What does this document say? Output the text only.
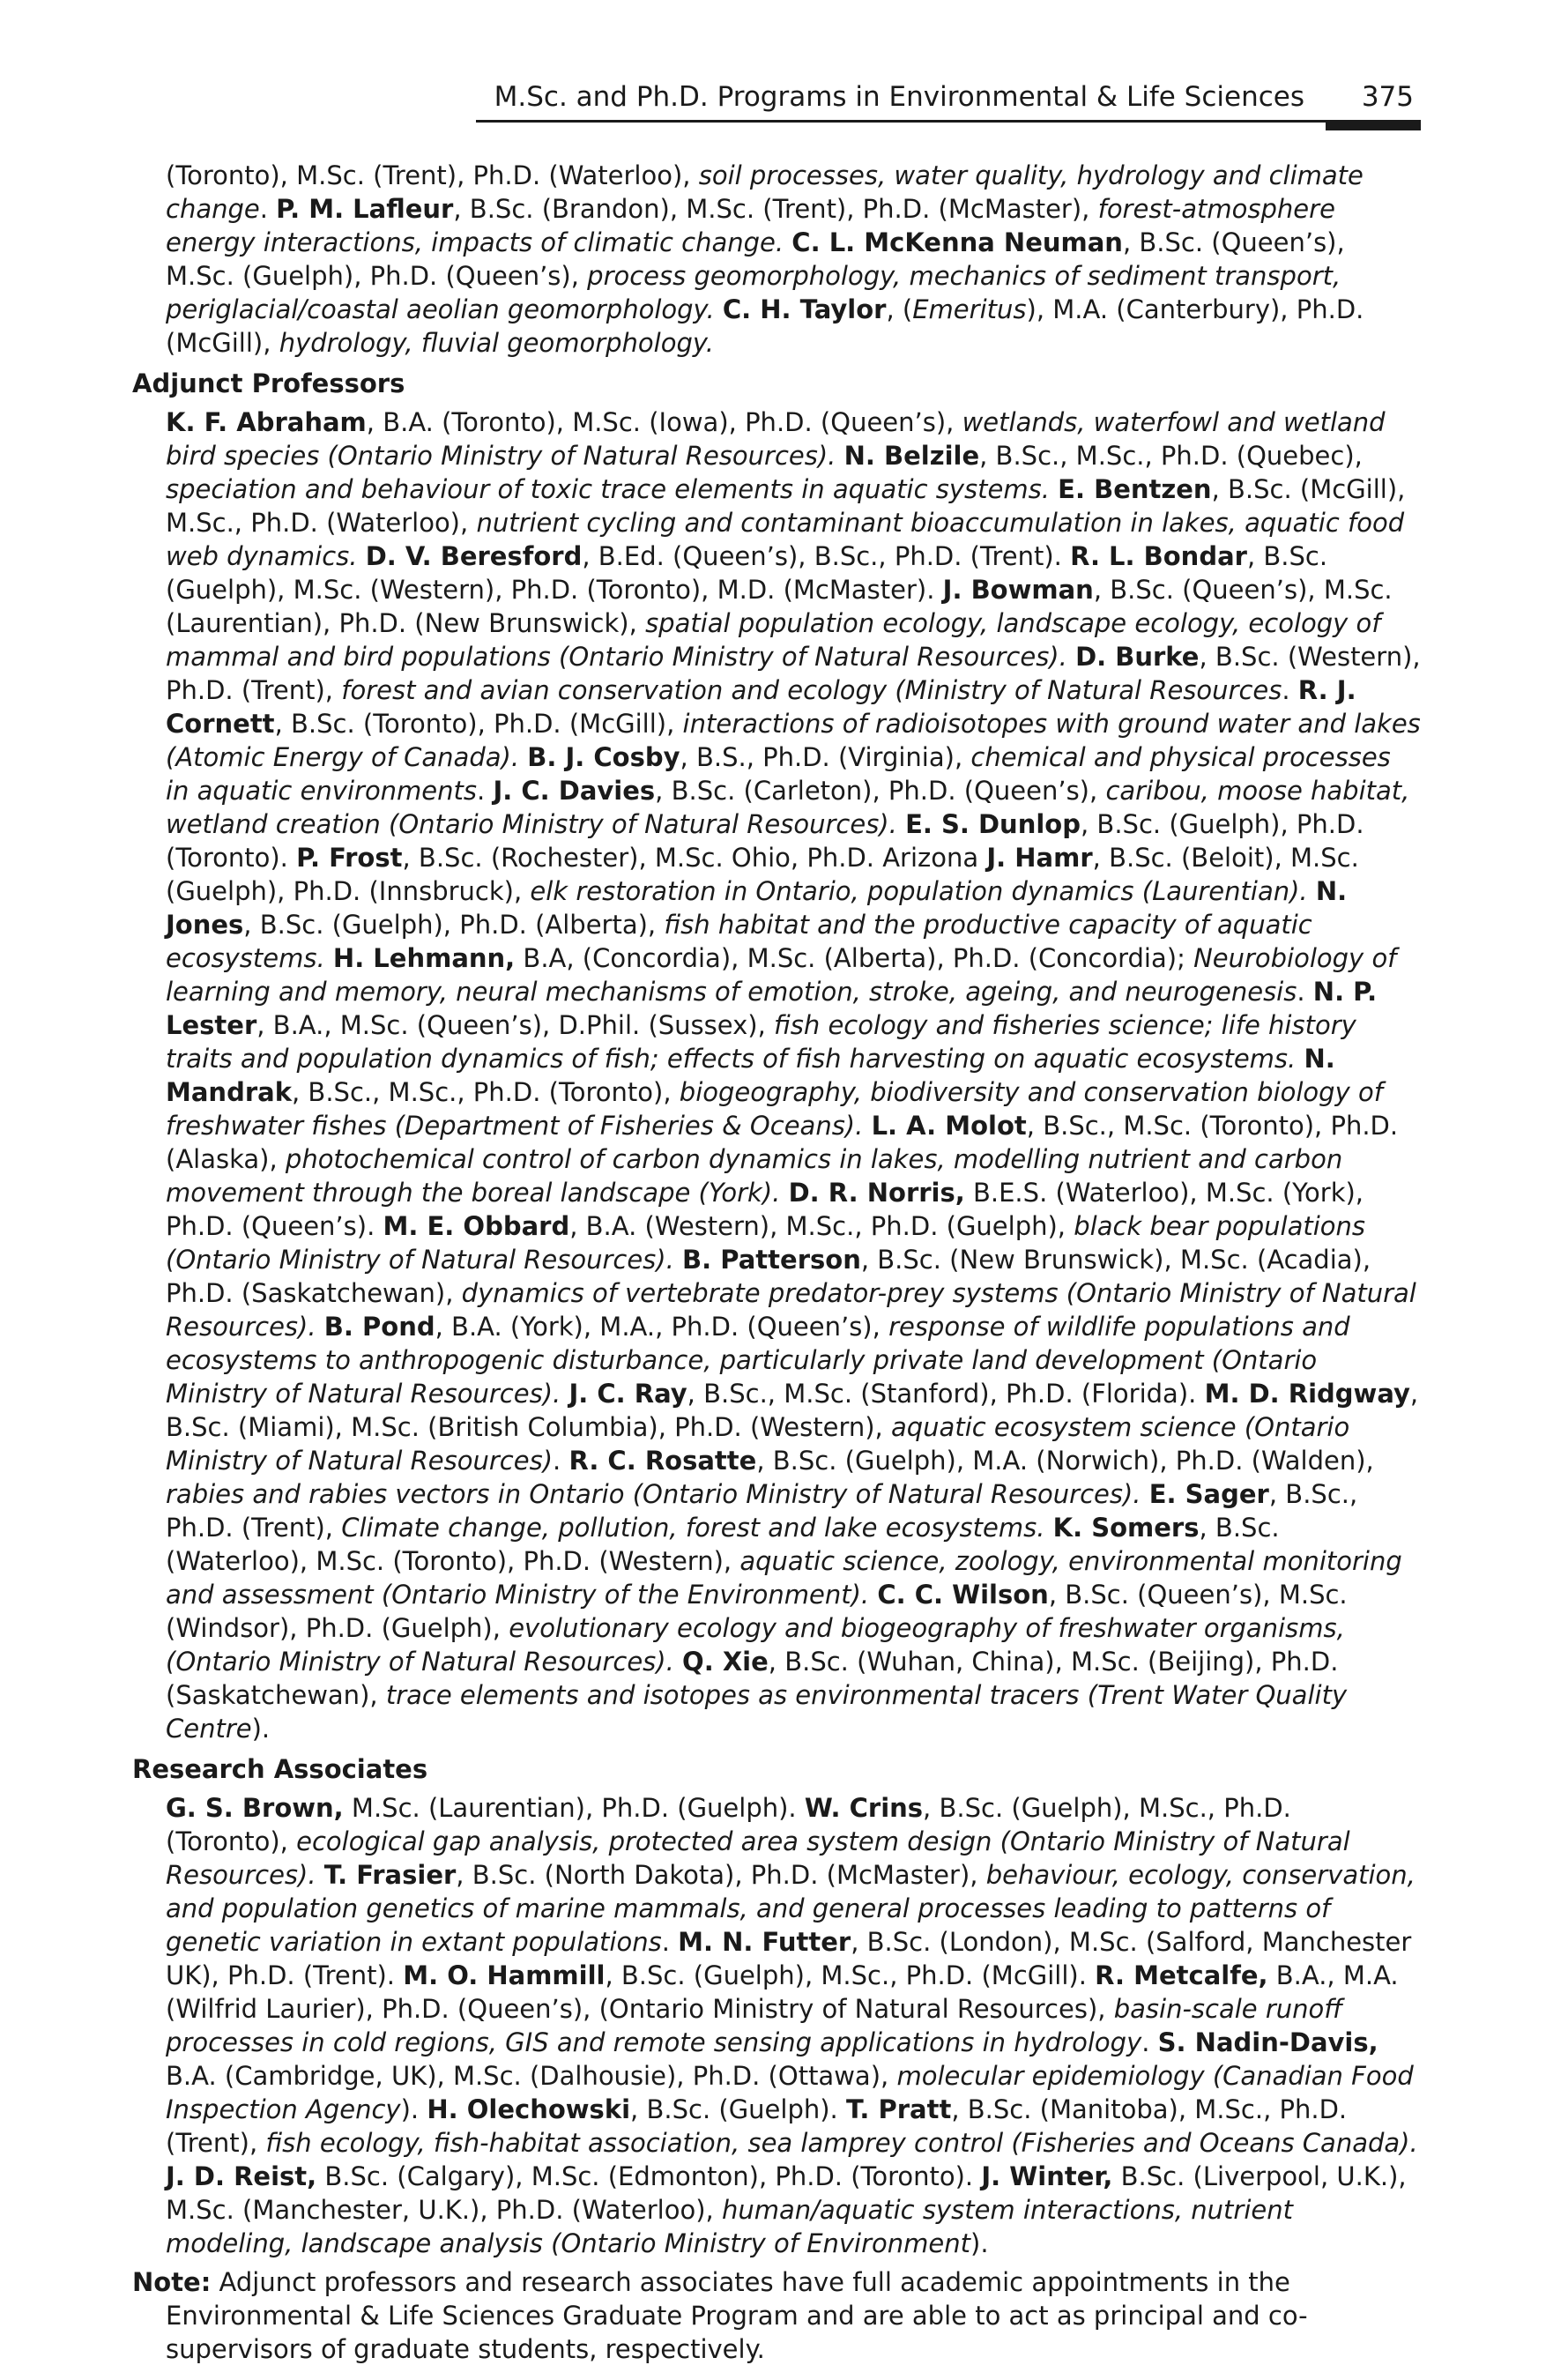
M.Sc. and Ph.D. Programs in Environmental & Life Sciences 375

(Toronto), M.Sc. (Trent), Ph.D. (Waterloo), soil processes, water quality, hydrology and climate change. P. M. Lafleur, B.Sc. (Brandon), M.Sc. (Trent), Ph.D. (McMaster), forest-atmosphere energy interactions, impacts of climatic change. C. L. McKenna Neuman, B.Sc. (Queen’s), M.Sc. (Guelph), Ph.D. (Queen’s), process geomorphology, mechanics of sediment transport, periglacial/coastal aeolian geomorphology. C. H. Taylor, (Emeritus), M.A. (Canterbury), Ph.D. (McGill), hydrology, fluvial geomorphology.

Adjunct Professors

K. F. Abraham, B.A. (Toronto), M.Sc. (Iowa), Ph.D. (Queen’s), wetlands, waterfowl and wetland bird species (Ontario Ministry of Natural Resources). N. Belzile, B.Sc., M.Sc., Ph.D. (Quebec), speciation and behaviour of toxic trace elements in aquatic systems. E. Bentzen, B.Sc. (McGill), M.Sc., Ph.D. (Waterloo), nutrient cycling and contaminant bioaccumulation in lakes, aquatic food web dynamics. D. V. Beresford, B.Ed. (Queen’s), B.Sc., Ph.D. (Trent). R. L. Bondar, B.Sc. (Guelph), M.Sc. (Western), Ph.D. (Toronto), M.D. (McMaster). J. Bowman, B.Sc. (Queen’s), M.Sc. (Laurentian), Ph.D. (New Brunswick), spatial population ecology, landscape ecology, ecology of mammal and bird populations (Ontario Ministry of Natural Resources). D. Burke, B.Sc. (Western), Ph.D. (Trent), forest and avian conservation and ecology (Ministry of Natural Resources. R. J. Cornett, B.Sc. (Toronto), Ph.D. (McGill), interactions of radioisotopes with ground water and lakes (Atomic Energy of Canada). B. J. Cosby, B.S., Ph.D. (Virginia), chemical and physical processes in aquatic environments. J. C. Davies, B.Sc. (Carleton), Ph.D. (Queen’s), caribou, moose habitat, wetland creation (Ontario Ministry of Natural Resources). E. S. Dunlop, B.Sc. (Guelph), Ph.D. (Toronto). P. Frost, B.Sc. (Rochester), M.Sc. Ohio, Ph.D. Arizona J. Hamr, B.Sc. (Beloit), M.Sc. (Guelph), Ph.D. (Innsbruck), elk restoration in Ontario, population dynamics (Laurentian). N. Jones, B.Sc. (Guelph), Ph.D. (Alberta), fish habitat and the productive capacity of aquatic ecosystems. H. Lehmann, B.A, (Concordia), M.Sc. (Alberta), Ph.D. (Concordia); Neurobiology of learning and memory, neural mechanisms of emotion, stroke, ageing, and neurogenesis. N. P. Lester, B.A., M.Sc. (Queen’s), D.Phil. (Sussex), fish ecology and fisheries science; life history traits and population dynamics of fish; effects of fish harvesting on aquatic ecosystems. N. Mandrak, B.Sc., M.Sc., Ph.D. (Toronto), biogeography, biodiversity and conservation biology of freshwater fishes (Department of Fisheries & Oceans). L. A. Molot, B.Sc., M.Sc. (Toronto), Ph.D. (Alaska), photochemical control of carbon dynamics in lakes, modelling nutrient and carbon movement through the boreal landscape (York). D. R. Norris, B.E.S. (Waterloo), M.Sc. (York), Ph.D. (Queen’s). M. E. Obbard, B.A. (Western), M.Sc., Ph.D. (Guelph), black bear populations (Ontario Ministry of Natural Resources). B. Patterson, B.Sc. (New Brunswick), M.Sc. (Acadia), Ph.D. (Saskatchewan), dynamics of vertebrate predator-prey systems (Ontario Ministry of Natural Resources). B. Pond, B.A. (York), M.A., Ph.D. (Queen’s), response of wildlife populations and ecosystems to anthropogenic disturbance, particularly private land development (Ontario Ministry of Natural Resources). J. C. Ray, B.Sc., M.Sc. (Stanford), Ph.D. (Florida). M. D. Ridgway, B.Sc. (Miami), M.Sc. (British Columbia), Ph.D. (Western), aquatic ecosystem science (Ontario Ministry of Natural Resources). R. C. Rosatte, B.Sc. (Guelph), M.A. (Norwich), Ph.D. (Walden), rabies and rabies vectors in Ontario (Ontario Ministry of Natural Resources). E. Sager, B.Sc., Ph.D. (Trent), Climate change, pollution, forest and lake ecosystems. K. Somers, B.Sc. (Waterloo), M.Sc. (Toronto), Ph.D. (Western), aquatic science, zoology, environmental monitoring and assessment (Ontario Ministry of the Environment). C. C. Wilson, B.Sc. (Queen’s), M.Sc. (Windsor), Ph.D. (Guelph), evolutionary ecology and biogeography of freshwater organisms, (Ontario Ministry of Natural Resources). Q. Xie, B.Sc. (Wuhan, China), M.Sc. (Beijing), Ph.D. (Saskatchewan), trace elements and isotopes as environmental tracers (Trent Water Quality Centre).

Research Associates

G. S. Brown, M.Sc. (Laurentian), Ph.D. (Guelph). W. Crins, B.Sc. (Guelph), M.Sc., Ph.D. (Toronto), ecological gap analysis, protected area system design (Ontario Ministry of Natural Resources). T. Frasier, B.Sc. (North Dakota), Ph.D. (McMaster), behaviour, ecology, conservation, and population genetics of marine mammals, and general processes leading to patterns of genetic variation in extant populations. M. N. Futter, B.Sc. (London), M.Sc. (Salford, Manchester UK), Ph.D. (Trent). M. O. Hammill, B.Sc. (Guelph), M.Sc., Ph.D. (McGill). R. Metcalfe, B.A., M.A. (Wilfrid Laurier), Ph.D. (Queen’s), (Ontario Ministry of Natural Resources), basin-scale runoff processes in cold regions, GIS and remote sensing applications in hydrology. S. Nadin-Davis, B.A. (Cambridge, UK), M.Sc. (Dalhousie), Ph.D. (Ottawa), molecular epidemiology (Canadian Food Inspection Agency). H. Olechowski, B.Sc. (Guelph). T. Pratt, B.Sc. (Manitoba), M.Sc., Ph.D. (Trent), fish ecology, fish-habitat association, sea lamprey control (Fisheries and Oceans Canada). J. D. Reist, B.Sc. (Calgary), M.Sc. (Edmonton), Ph.D. (Toronto). J. Winter, B.Sc. (Liverpool, U.K.), M.Sc. (Manchester, U.K.), Ph.D. (Waterloo), human/aquatic system interactions, nutrient modeling, landscape analysis (Ontario Ministry of Environment).

Note: Adjunct professors and research associates have full academic appointments in the Environmental & Life Sciences Graduate Program and are able to act as principal and co-supervisors of graduate students, respectively.
